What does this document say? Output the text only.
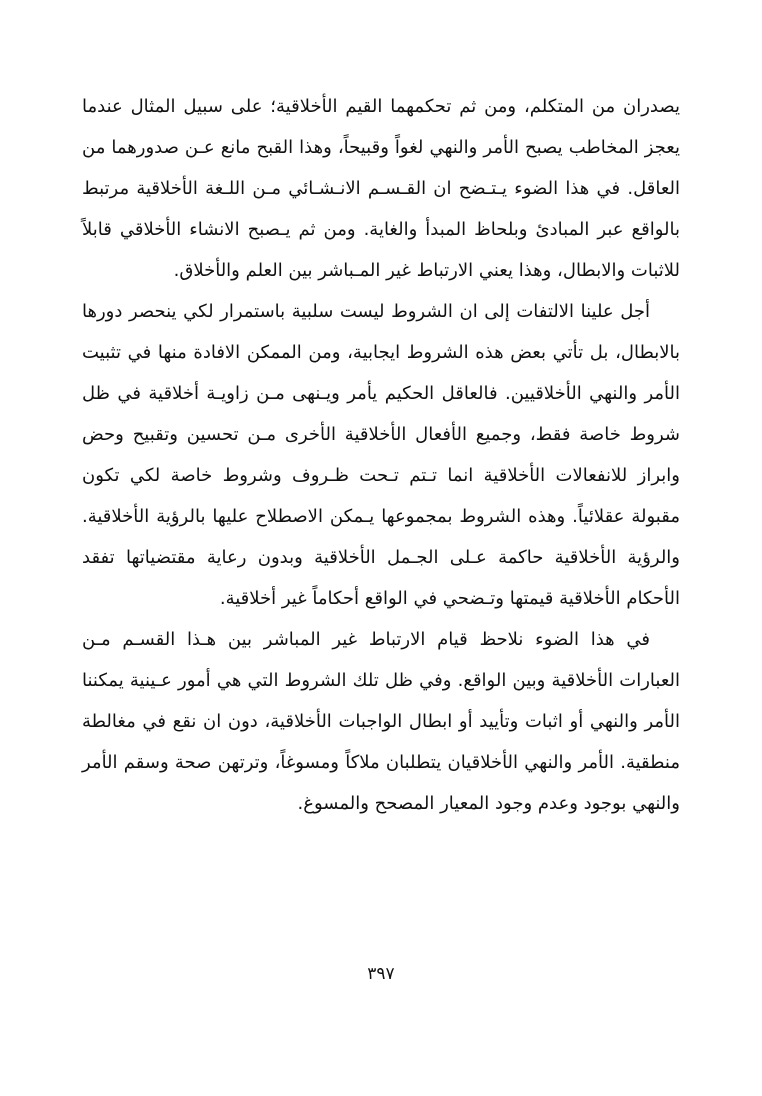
يصدران من المتكلم، ومن ثم تحكمهما القيم الأخلاقية؛ على سبيل المثال عندما يعجز المخاطب يصبح الأمر والنهي لغواً وقبيحاً، وهذا القبح مانع عـن صدورهما من العاقل. في هذا الضوء يـتـضح ان القـسـم الانـشـائي مـن اللـغة الأخلاقية مرتبط بالواقع عبر المبادئ وبلحاظ المبدأ والغاية. ومن ثم يـصبح الانشاء الأخلاقي قابلاً للاثبات والابطال، وهذا يعني الارتباط غير المـباشر بين العلم والأخلاق.

أجل علينا الالتفات إلى ان الشروط ليست سلبية باستمرار لكي ينحصر دورها بالابطال، بل تأتي بعض هذه الشروط ايجابية، ومن الممكن الافادة منها في تثبيت الأمر والنهي الأخلاقيين. فالعاقل الحكيم يأمر ويـنهى مـن زاويـة أخلاقية في ظل شروط خاصة فقط، وجميع الأفعال الأخلاقية الأخرى مـن تحسين وتقبيح وحض وابراز للانفعالات الأخلاقية انما تـتم تـحت ظـروف وشروط خاصة لكي تكون مقبولة عقلائياً. وهذه الشروط بمجموعها يـمكن الاصطلاح عليها بالرؤية الأخلاقية. والرؤية الأخلاقية حاكمة عـلى الجـمل الأخلاقية وبدون رعاية مقتضياتها تفقد الأحكام الأخلاقية قيمتها وتـضحي في الواقع أحكاماً غير أخلاقية.

في هذا الضوء نلاحظ قيام الارتباط غير المباشر بين هـذا القسـم مـن العبارات الأخلاقية وبين الواقع. وفي ظل تلك الشروط التي هي أمور عـينية يمكننا الأمر والنهي أو اثبات وتأييد أو ابطال الواجبات الأخلاقية، دون ان نقع في مغالطة منطقية. الأمر والنهي الأخلاقيان يتطلبان ملاكاً ومسوغاً، وترتهن صحة وسقم الأمر والنهي بوجود وعدم وجود المعيار المصحح والمسوغ.

٣٩٧
